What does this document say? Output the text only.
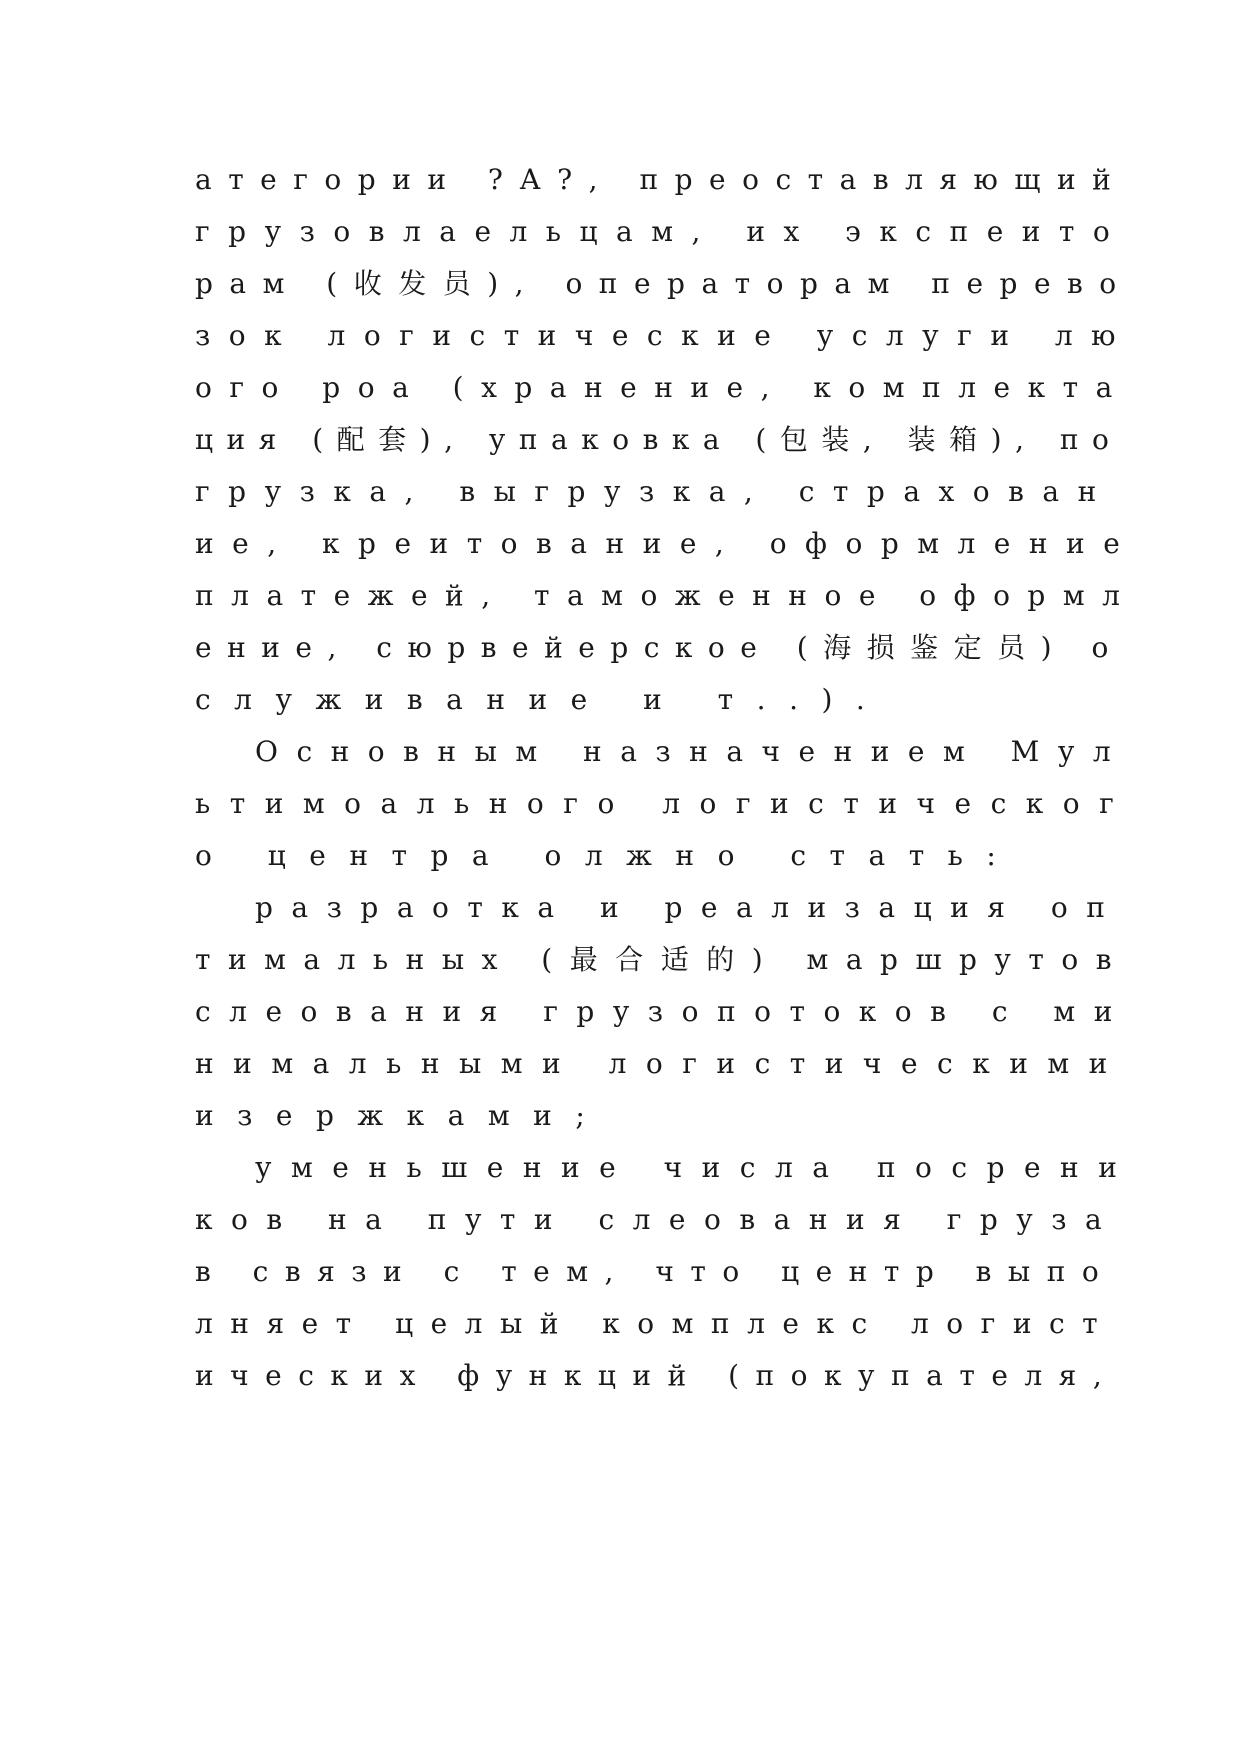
атегории ?А?, преоставляющий
грузовлаельцам, их экспеито
рам (收发员), операторам перево
зок логистические услуги лю
ого роа (хранение, комплекта
ция (配套), упаковка (包装, 装箱), по
грузка, выгрузка, страхован
ие, креитование, оформление
платежей, таможенное оформл
ение, сюрвейерское (海损鉴定员) о
служивание и т..).
Основным назначением Мул
ьтимоального логистическог
о центра олжно стать:
разраотка и реализация оп
тимальных (最合适的) маршрутов
слеования грузопотоков с ми
нимальными логистическими
изержками;
уменьшение числа посрени
ков на пути слеования груза
в связи с тем, что центр выпо
лняет целый комплекс логист
ических функций (покупателя,
